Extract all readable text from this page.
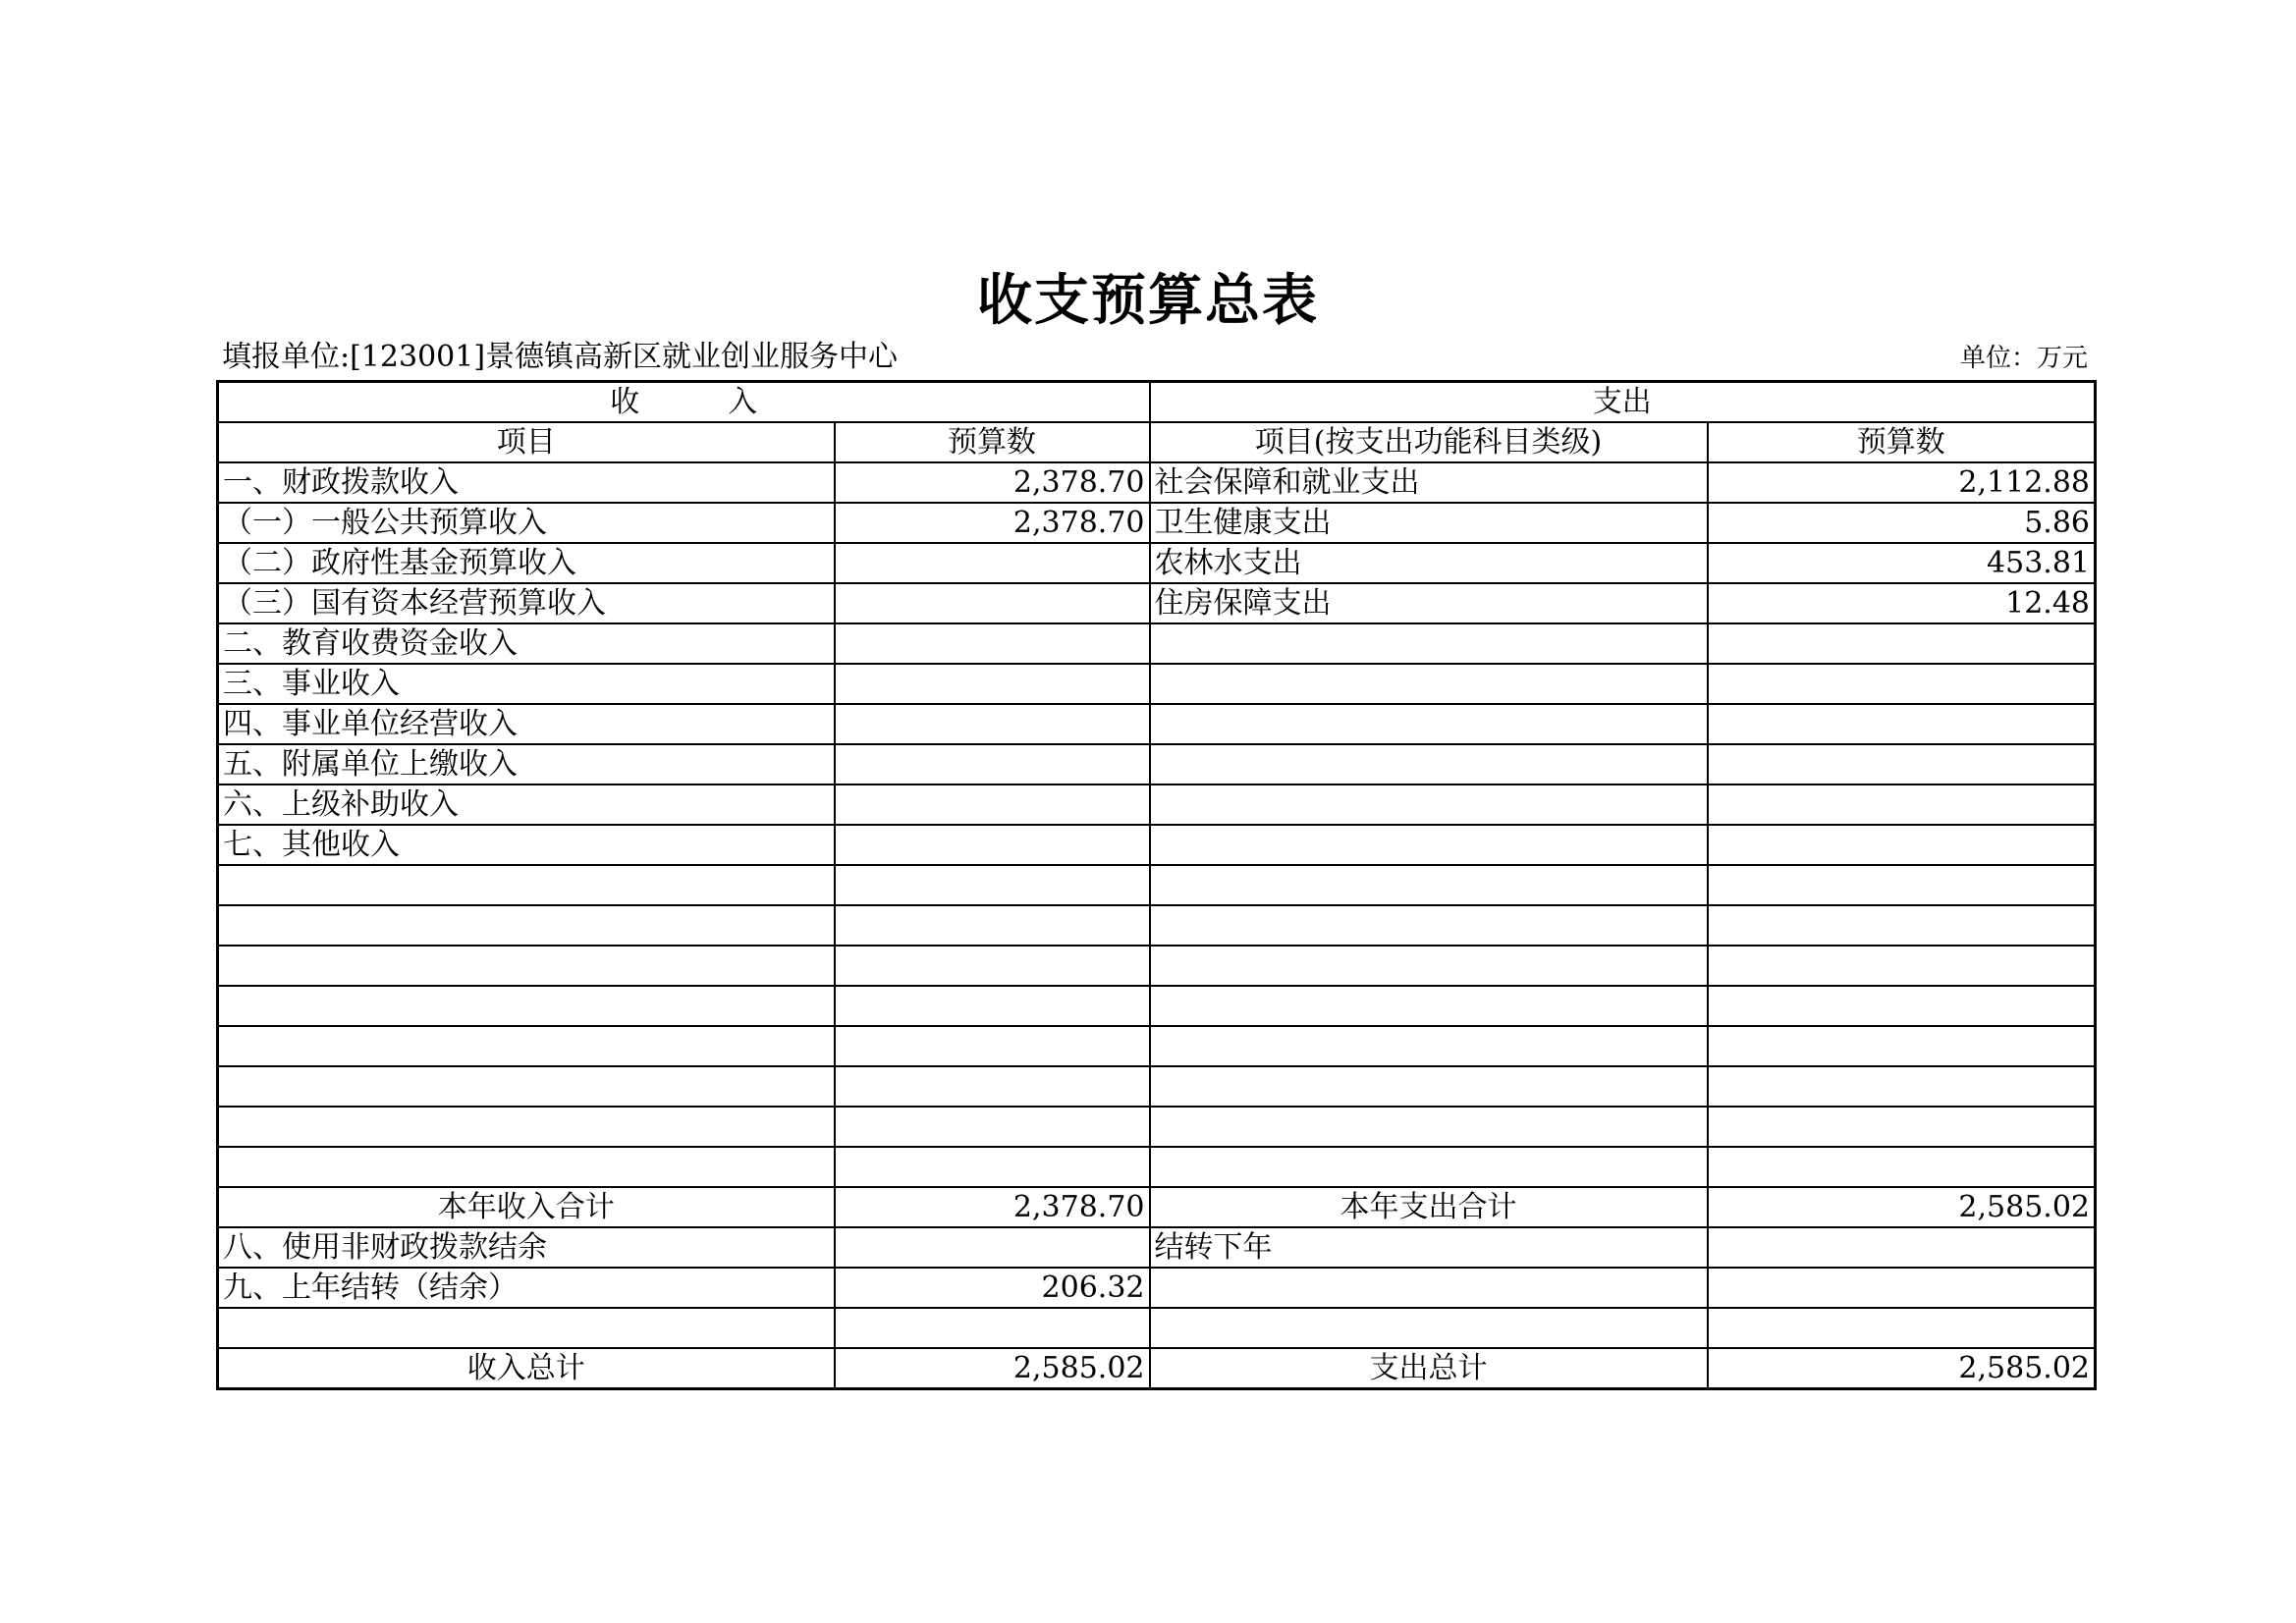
收支预算总表
填报单位:[123001]景德镇高新区就业创业服务中心	单位：万元
收　　　入		支出	
项目	预算数	项目(按支出功能科目类级)	预算数
一、财政拨款收入	2,378.70	社会保障和就业支出	2,112.88
（一）一般公共预算收入	2,378.70	卫生健康支出	5.86
（二）政府性基金预算收入		农林水支出	453.81
（三）国有资本经营预算收入		住房保障支出	12.48
二、教育收费资金收入			
三、事业收入			
四、事业单位经营收入			
五、附属单位上缴收入			
六、上级补助收入			
七、其他收入			

本年收入合计	2,378.70	本年支出合计	2,585.02
八、使用非财政拨款结余		结转下年	
九、上年结转（结余）	206.32		

收入总计	2,585.02	支出总计	2,585.02
